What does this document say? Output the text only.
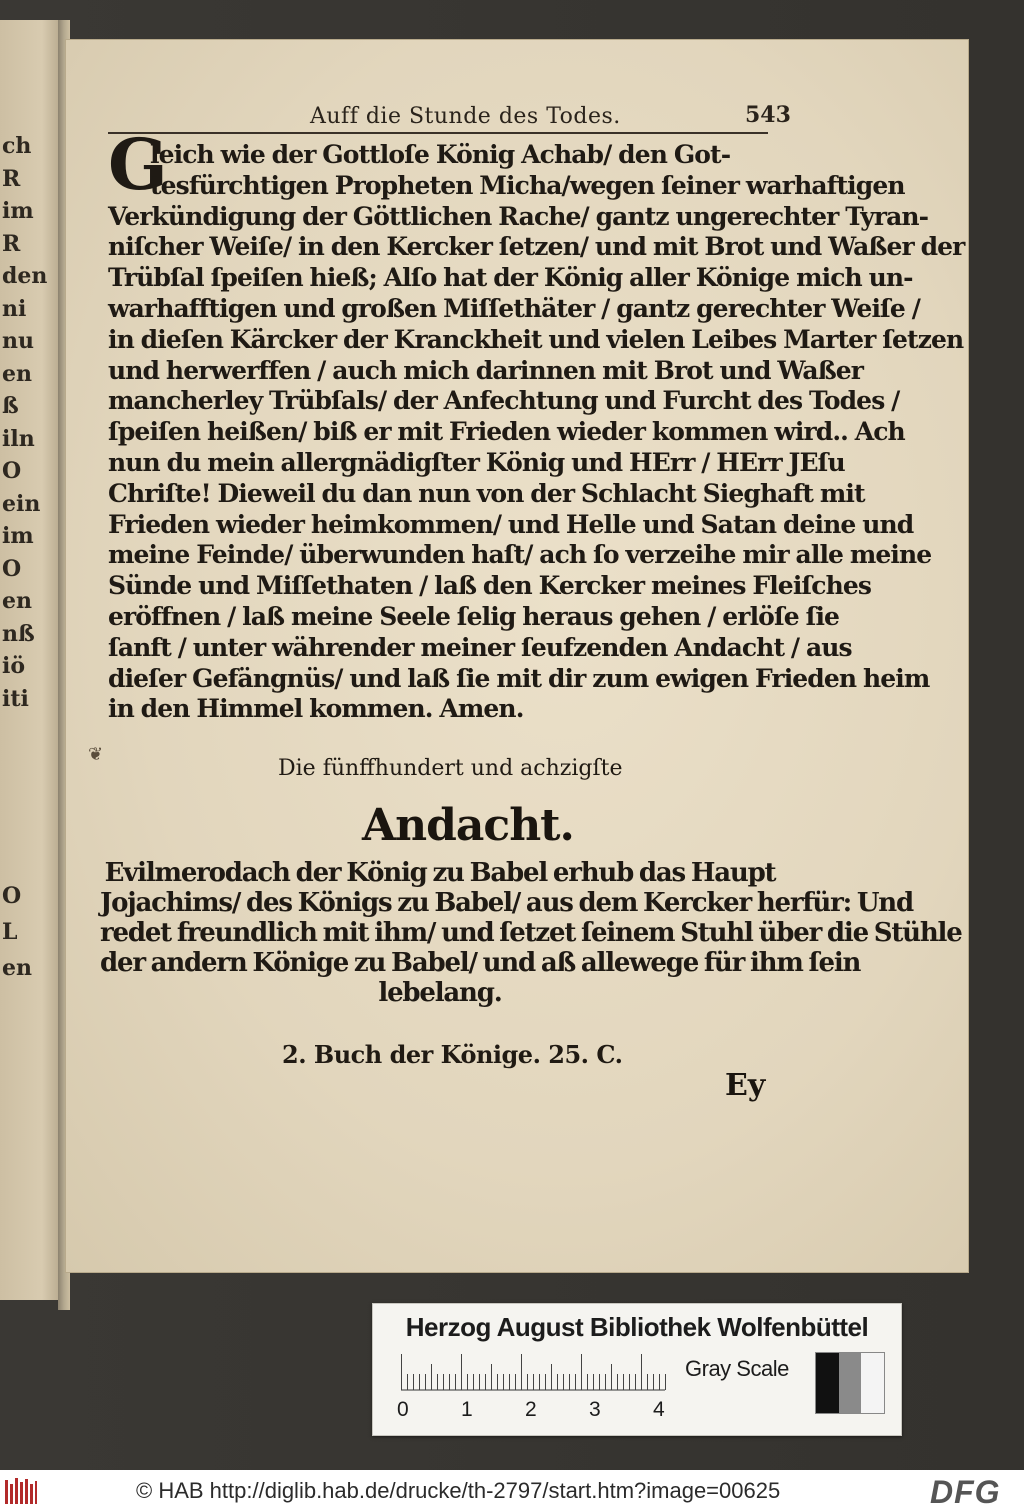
ch
R
im
R
den
ni
nu
en
ß
iln
O
ein
im
O
en
nß
iö
iti
O
L
en
Auff die Stunde des Todes.	543
G
leich wie der Gottloſe König Achab/ den Got-
tesfürchtigen Propheten Micha/wegen ſeiner warhaftigen
Verkündigung der Göttlichen Rache/ gantz ungerechter Tyran-
niſcher Weiſe/ in den Kercker ſetzen/ und mit Brot und Waßer der
Trübſal ſpeiſen hieß; Alſo hat der König aller Könige mich un-
warhafftigen und großen Miſſethäter / gantz gerechter Weiſe /
in dieſen Kärcker der Kranckheit und vielen Leibes Marter ſetzen
und herwerffen / auch mich darinnen mit Brot und Waßer
mancherley Trübſals/ der Anfechtung und Furcht des Todes /
ſpeiſen heißen/ biß er mit Frieden wieder kommen wird.. Ach
nun du mein allergnädigſter König und HErr / HErr JEſu
Chriſte! Dieweil du dan nun von der Schlacht Sieghaft mit
Frieden wieder heimkommen/ und Helle und Satan deine und
meine Feinde/ überwunden haſt/ ach ſo verzeihe mir alle meine
Sünde und Miſſethaten / laß den Kercker meines Fleiſches
eröffnen / laß meine Seele ſelig heraus gehen / erlöſe ſie
ſanft / unter währender meiner ſeufzenden Andacht / aus
dieſer Gefängnüs/ und laß ſie mit dir zum ewigen Frieden heim
in den Himmel kommen. Amen.
❦
Die fünffhundert und achzigſte
Andacht.
Evilmerodach der König zu Babel erhub das Haupt
Jojachims/ des Königs zu Babel/ aus dem Kercker herfür: Und
redet freundlich mit ihm/ und ſetzet ſeinem Stuhl über die Stühle
der andern Könige zu Babel/ und aß allewege für ihm ſein
lebelang.
2. Buch der Könige. 25. C.
Ey
Herzog August Bibliothek Wolfenbüttel
0 1 2 3 4
Gray Scale
© HAB http://diglib.hab.de/drucke/th-2797/start.htm?image=00625	DFG
